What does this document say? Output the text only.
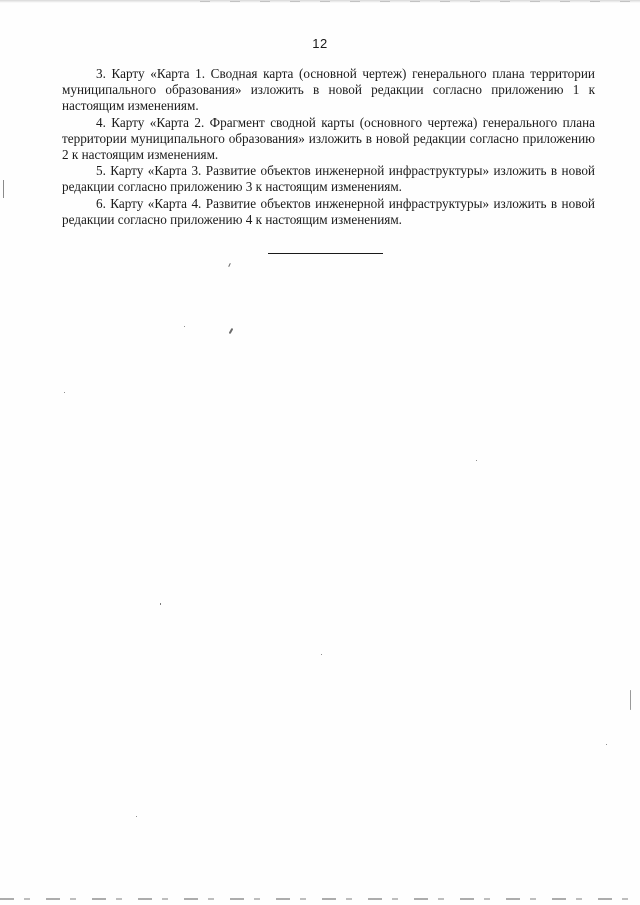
12

3. Карту «Карта 1. Сводная карта (основной чертеж) генерального плана территории муниципального образования» изложить в новой редакции согласно приложению 1 к настоящим изменениям.

4. Карту «Карта 2. Фрагмент сводной карты (основного чертежа) генерального плана территории муниципального образования» изложить в новой редакции согласно приложению 2 к настоящим изменениям.

5. Карту «Карта 3. Развитие объектов инженерной инфраструктуры» изложить в новой редакции согласно приложению 3 к настоящим изменениям.

6. Карту «Карта 4. Развитие объектов инженерной инфраструктуры» изложить в новой редакции согласно приложению 4 к настоящим изменениям.
